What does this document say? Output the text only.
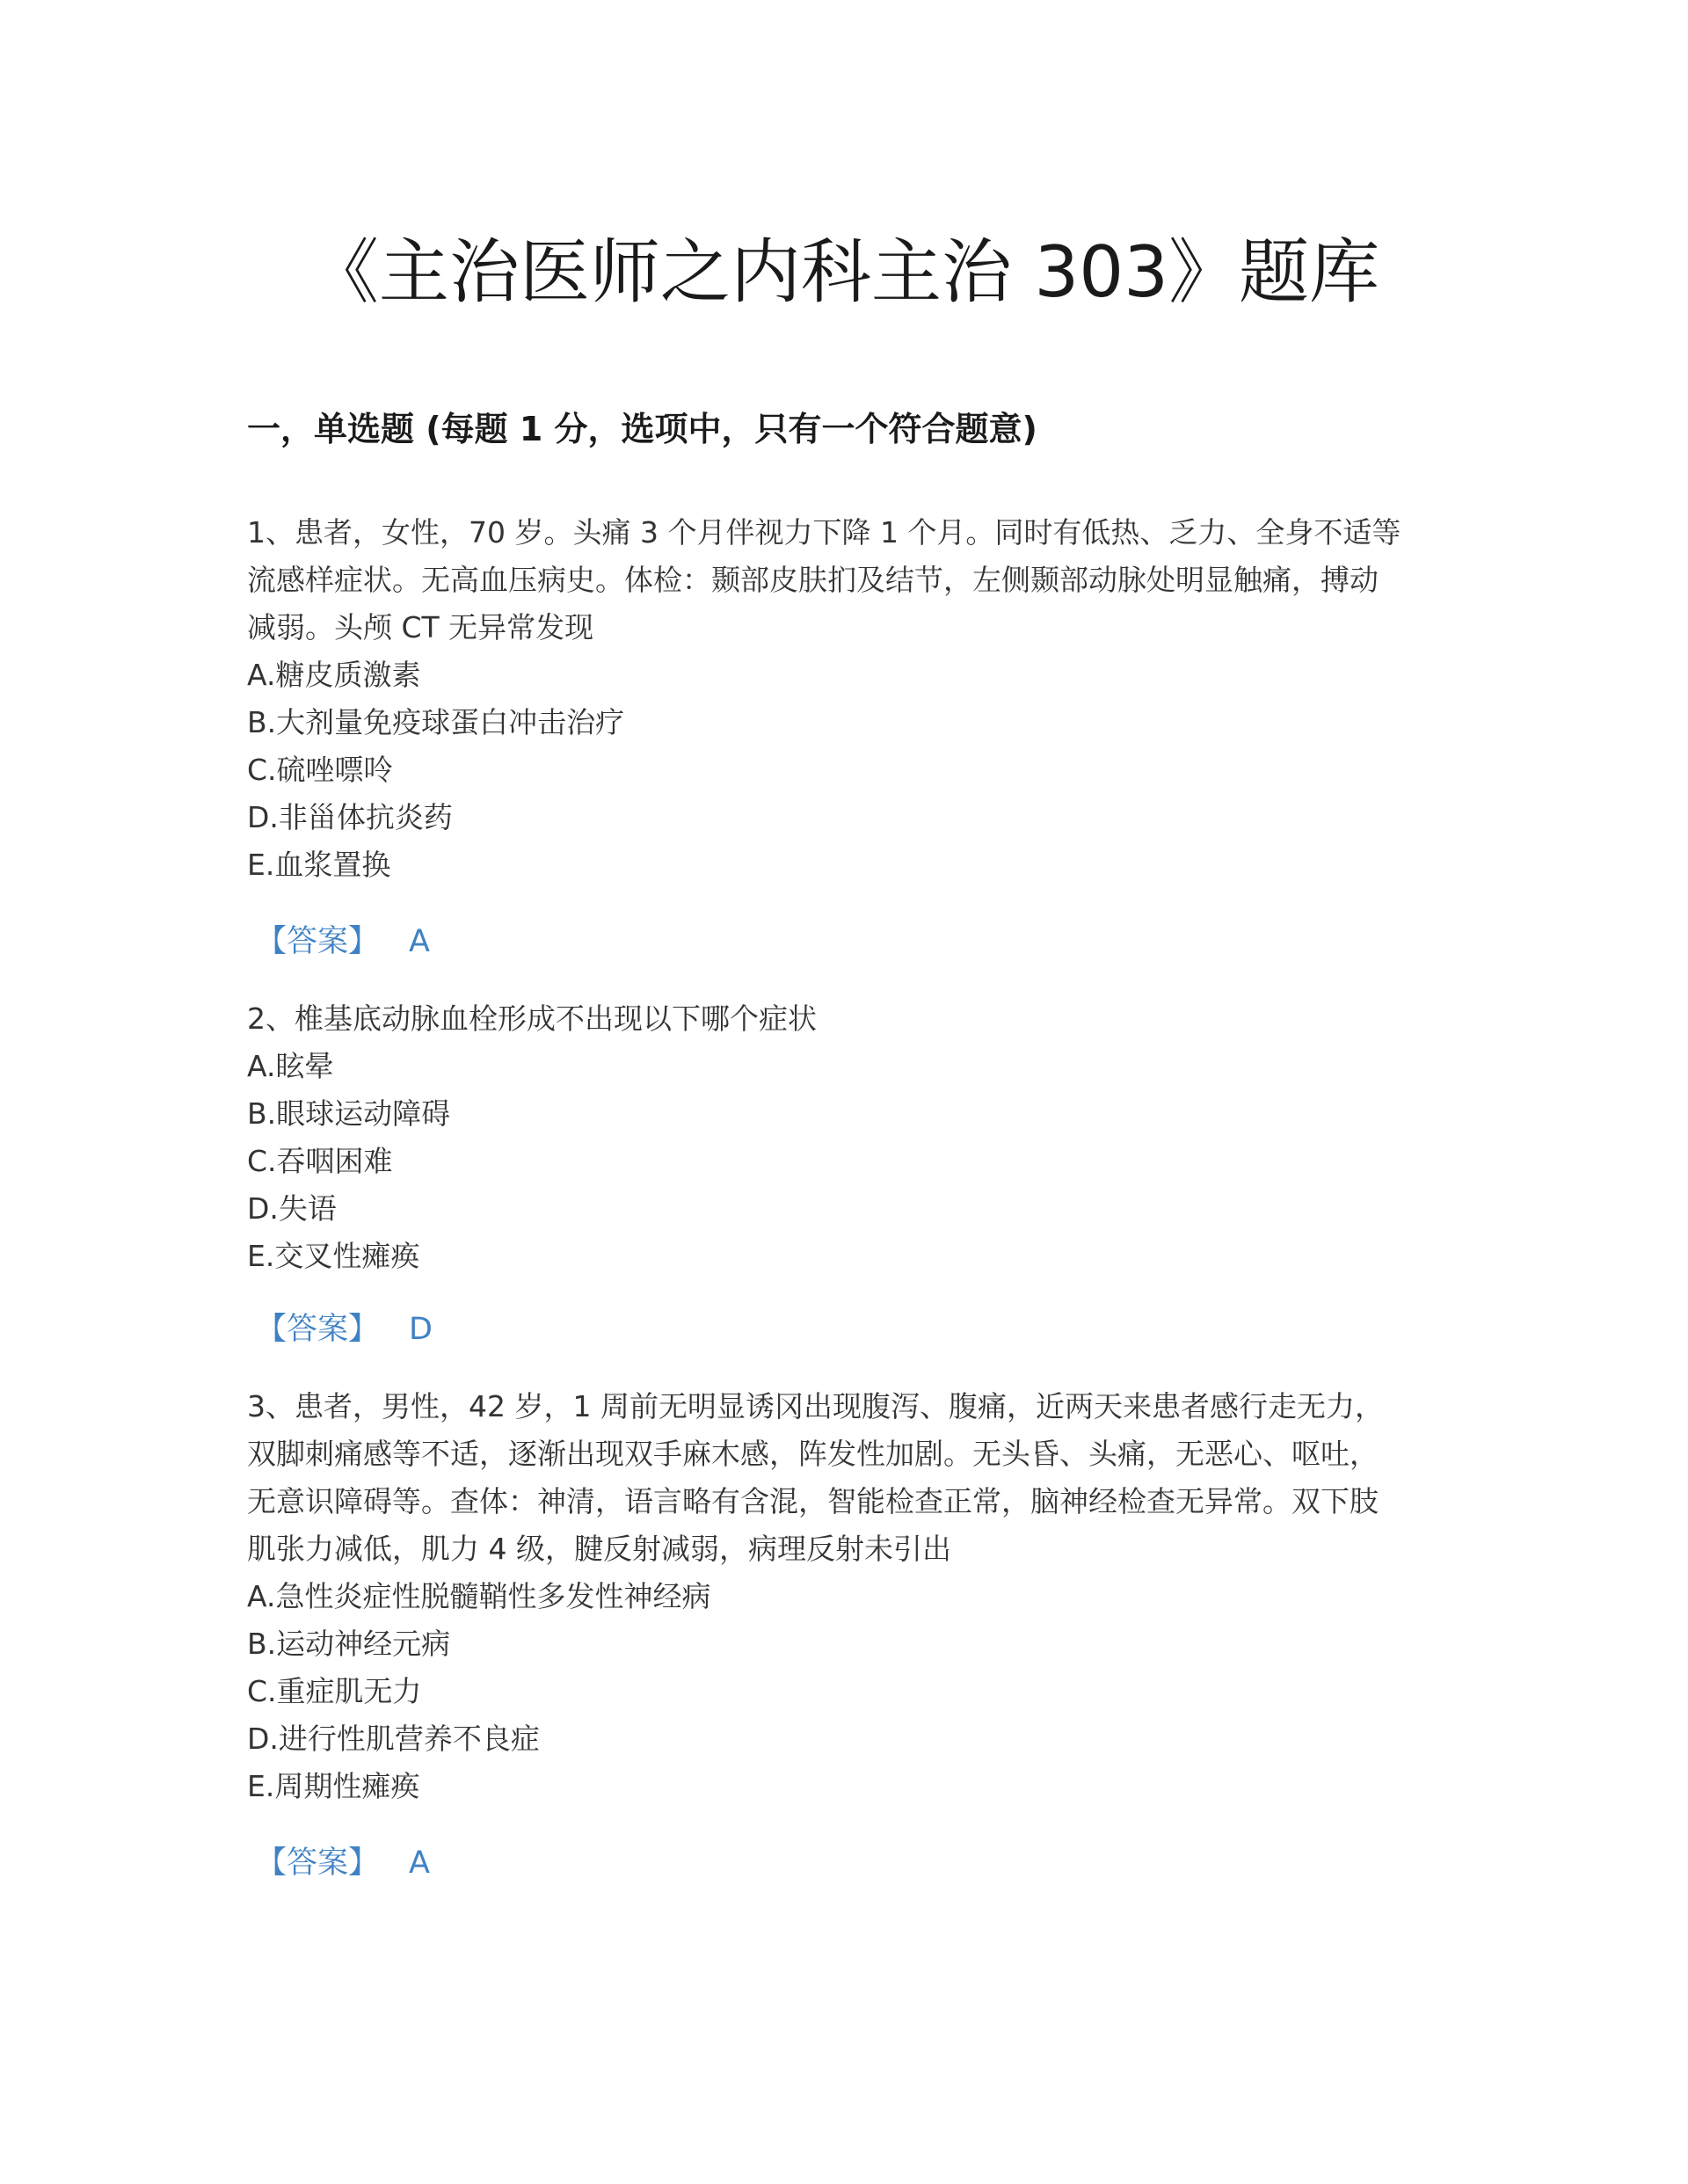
《主治医师之内科主治 303》题库
一，单选题 (每题 1 分，选项中，只有一个符合题意)

1、患者，女性，70 岁。头痛 3 个月伴视力下降 1 个月。同时有低热、乏力、全身不适等

流感样症状。无高血压病史。体检：颞部皮肤扪及结节，左侧颞部动脉处明显触痛，搏动

减弱。头颅 CT 无异常发现

A.糖皮质激素

B.大剂量免疫球蛋白冲击治疗

C.硫唑嘌呤

D.非甾体抗炎药

E.血浆置换

【答案】 A

2、椎基底动脉血栓形成不出现以下哪个症状

A.眩晕

B.眼球运动障碍

C.吞咽困难

D.失语

E.交叉性瘫痪

【答案】 D

3、患者，男性，42 岁，1 周前无明显诱冈出现腹泻、腹痛，近两天来患者感行走无力，

双脚刺痛感等不适，逐渐出现双手麻木感，阵发性加剧。无头昏、头痛，无恶心、呕吐，

无意识障碍等。查体：神清，语言略有含混，智能检查正常，脑神经检查无异常。双下肢

肌张力减低，肌力 4 级，腱反射减弱，病理反射未引出

A.急性炎症性脱髓鞘性多发性神经病

B.运动神经元病

C.重症肌无力

D.进行性肌营养不良症

E.周期性瘫痪

【答案】 A
